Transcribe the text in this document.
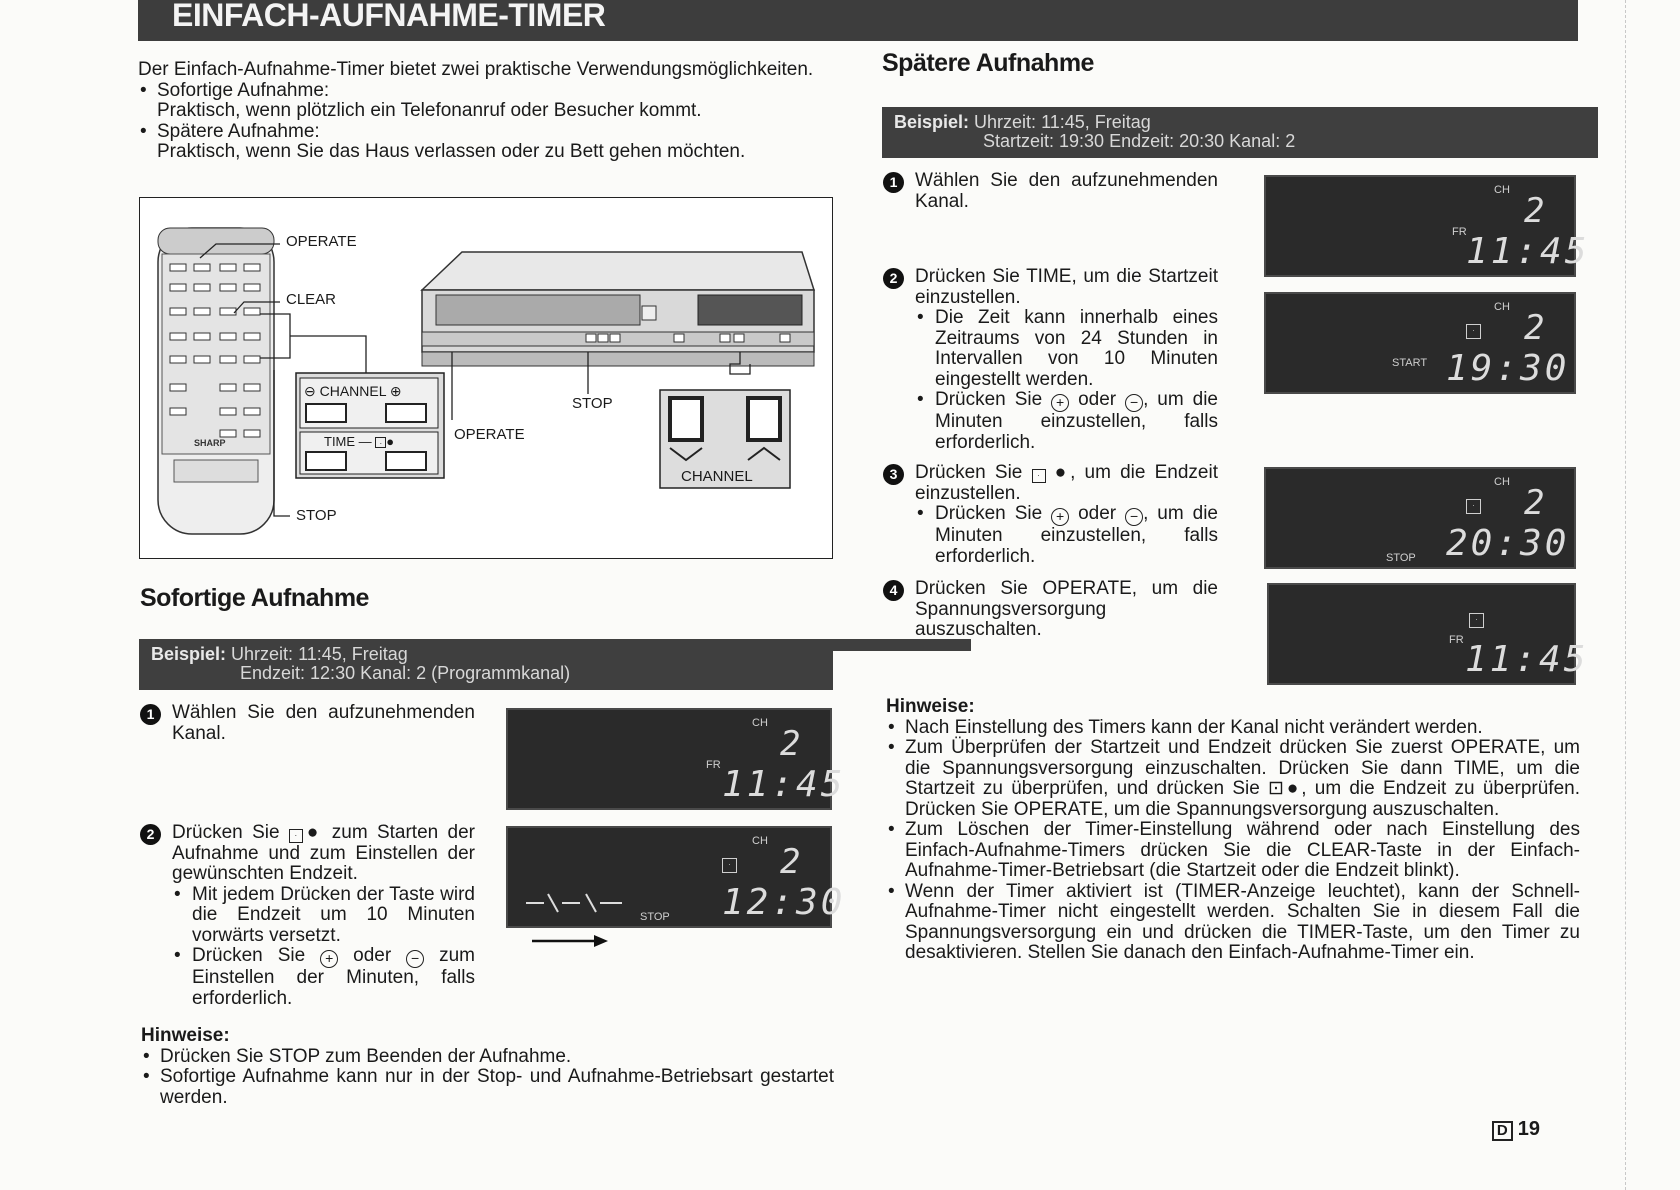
EINFACH-AUFNAHME-TIMER

Der Einfach-Aufnahme-Timer bietet zwei praktische Verwendungsmöglichkeiten.

• Sofortige Aufnahme:
Praktisch, wenn plötzlich ein Telefonanruf oder Besucher kommt.
• Spätere Aufnahme:
Praktisch, wenn Sie das Haus verlassen oder zu Bett gehen möchten.
SHARP
OPERATE
CLEAR
STOP
⊖ CHANNEL ⊕
TIME — · ●
STOP
OPERATE
CHANNEL
Sofortige Aufnahme
Beispiel: Uhrzeit: 11:45, Freitag
Endzeit: 12:30 Kanal: 2 (Programmkanal)
1 Wählen Sie den aufzunehmenden Kanal.
2 Drücken Sie · ● zum Starten der Aufnahme und zum Einstellen der gewünschten Endzeit.
• Mit jedem Drücken der Taste wird die Endzeit um 10 Minuten vorwärts versetzt.
• Drücken Sie + oder − zum Einstellen der Minuten, falls erforderlich.
CH
FR
2
11:45
CH
·
STOP
2
12:30
Hinweise:
• Drücken Sie STOP zum Beenden der Aufnahme.
• Sofortige Aufnahme kann nur in der Stop- und Aufnahme-Betriebsart gestartet werden.
Spätere Aufnahme
Beispiel: Uhrzeit: 11:45, Freitag
Startzeit: 19:30 Endzeit: 20:30 Kanal: 2
1 Wählen Sie den aufzunehmenden Kanal.
2 Drücken Sie TIME, um die Startzeit einzustellen.
• Die Zeit kann innerhalb eines Zeitraums von 24 Stunden in Intervallen von 10 Minuten eingestellt werden.
• Drücken Sie + oder − , um die Minuten einzustellen, falls erforderlich.
3 Drücken Sie · ●, um die Endzeit einzustellen.
• Drücken Sie + oder − , um die Minuten einzustellen, falls erforderlich.
4 Drücken Sie OPERATE, um die Spannungsversorgung auszuschalten.
CH
FR
2
11:45
CH
·
START
2
19:30
CH
·
STOP
2
20:30
·
FR 11:45
Hinweise:
• Nach Einstellung des Timers kann der Kanal nicht verändert werden.
• Zum Überprüfen der Startzeit und Endzeit drücken Sie zuerst OPERATE, um die Spannungsversorgung einzuschalten. Drücken Sie dann TIME, um die Startzeit zu überprüfen, und drücken Sie ⊡●, um die Endzeit zu überprüfen. Drücken Sie OPERATE, um die Spannungsversorgung auszuschalten.
• Zum Löschen der Timer-Einstellung während oder nach Einstellung des Einfach-Aufnahme-Timers drücken Sie die CLEAR-Taste in der Einfach-Aufnahme-Timer-Betriebsart (die Startzeit oder die Endzeit blinkt).
• Wenn der Timer aktiviert ist (TIMER-Anzeige leuchtet), kann der Schnell-Aufnahme-Timer nicht eingestellt werden. Schalten Sie in diesem Fall die Spannungsversorgung ein und drücken die TIMER-Taste, um den Timer zu desaktivieren. Stellen Sie danach den Einfach-Aufnahme-Timer ein.
D 19
